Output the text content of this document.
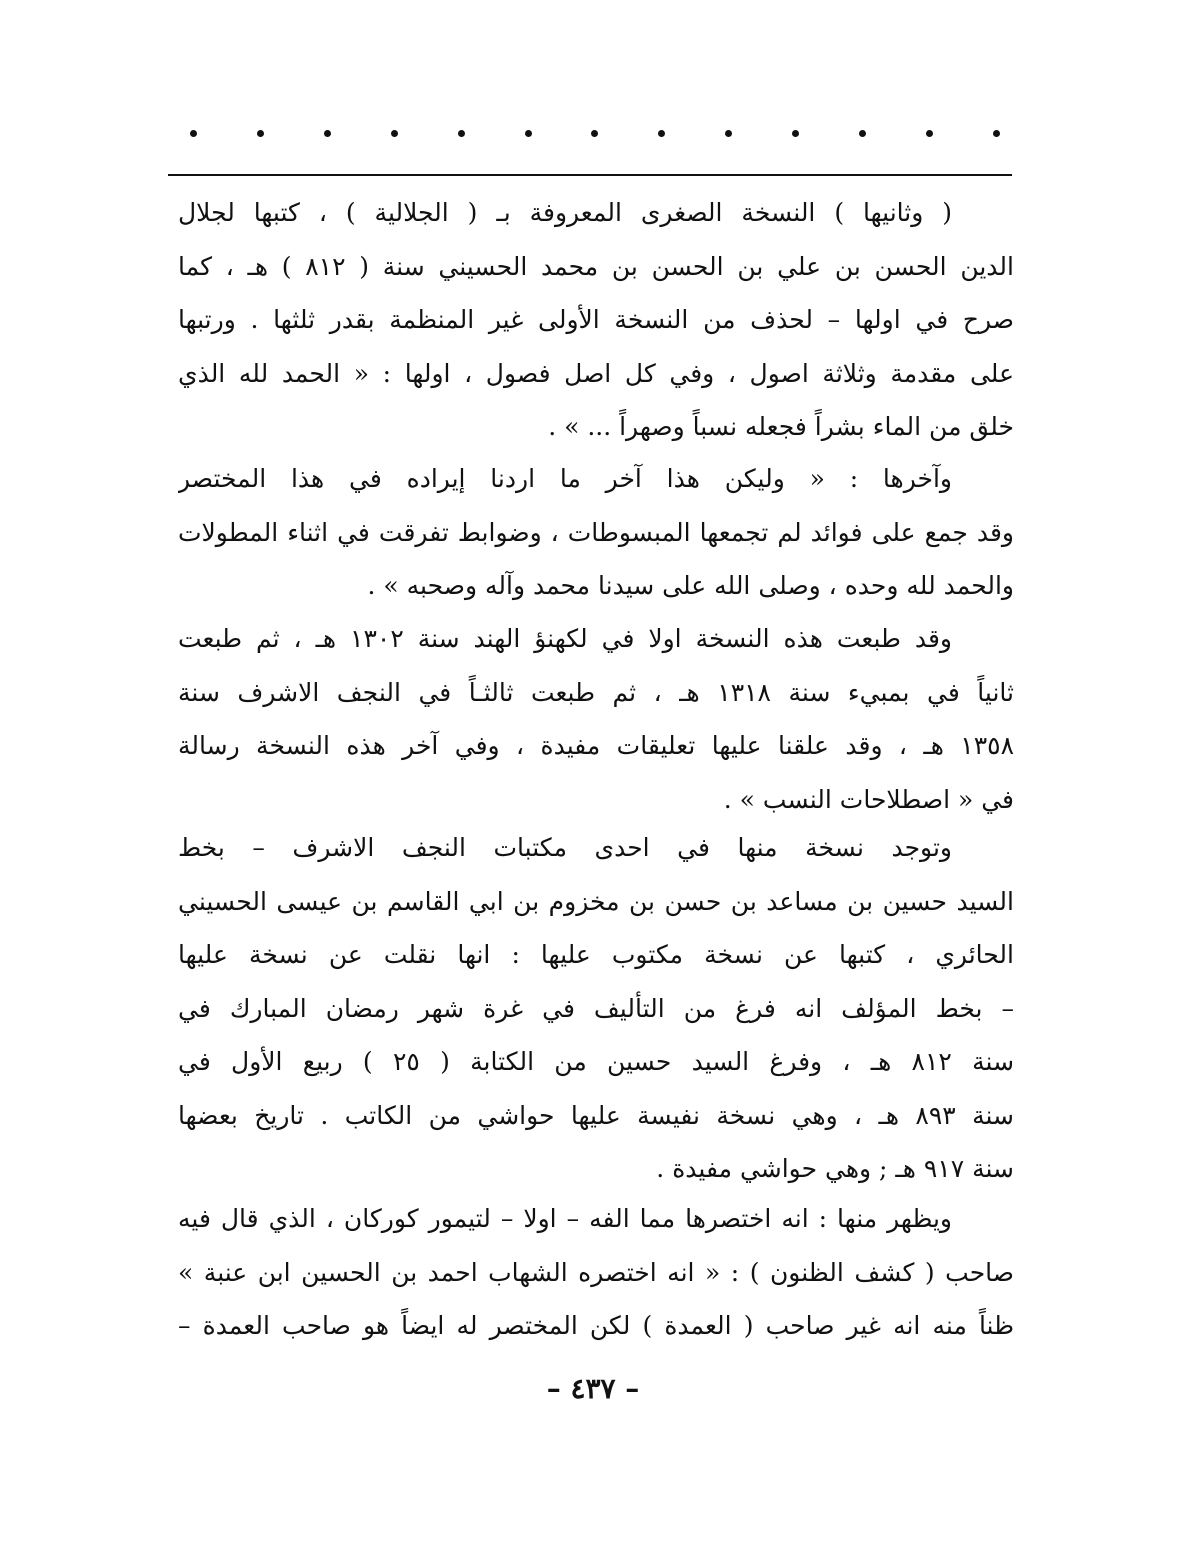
( وثانيها ) النسخة الصغرى المعروفة بـ ( الجلالية ) ، كتبها لجلال
الدين الحسن بن علي بن الحسن بن محمد الحسيني سنة ( ٨١٢ ) هـ ، كما
صرح في اولها – لحذف من النسخة الأولى غير المنظمة بقدر ثلثها . ورتبها
على مقدمة وثلاثة اصول ، وفي كل اصل فصول ، اولها : « الحمد لله الذي
خلق من الماء بشراً فجعله نسباً وصهراً ... » .
وآخرها : « وليكن هذا آخر ما اردنا إيراده في هذا المختصر
وقد جمع على فوائد لم تجمعها المبسوطات ، وضوابط تفرقت في اثناء المطولات
والحمد لله وحده ، وصلى الله على سيدنا محمد وآله وصحبه » .
وقد طبعت هذه النسخة اولا في لكهنؤ الهند سنة ١٣٠٢ هـ ، ثم طبعت
ثانياً في بمبيء سنة ١٣١٨ هـ ، ثم طبعت ثالثـاً في النجف الاشرف سنة
١٣٥٨ هـ ، وقد علقنا عليها تعليقات مفيدة ، وفي آخر هذه النسخة رسالة
في « اصطلاحات النسب » .
وتوجد نسخة منها في احدى مكتبات النجف الاشرف – بخط
السيد حسين بن مساعد بن حسن بن مخزوم بن ابي القاسم بن عيسى الحسيني
الحائري ، كتبها عن نسخة مكتوب عليها : انها نقلت عن نسخة عليها
– بخط المؤلف انه فرغ من التأليف في غرة شهر رمضان المبارك في
سنة ٨١٢ هـ ، وفرغ السيد حسين من الكتابة ( ٢٥ ) ربيع الأول في
سنة ٨٩٣ هـ ، وهي نسخة نفيسة عليها حواشي من الكاتب . تاريخ بعضها
سنة ٩١٧ هـ ; وهي حواشي مفيدة .
ويظهر منها : انه اختصرها مما الفه – اولا – لتيمور كوركان ، الذي قال فيه
صاحب ( كشف الظنون ) : « انه اختصره الشهاب احمد بن الحسين ابن عنبة »
ظناً منه انه غير صاحب ( العمدة ) لكن المختصر له ايضاً هو صاحب العمدة –
– ٤٣٧ –
